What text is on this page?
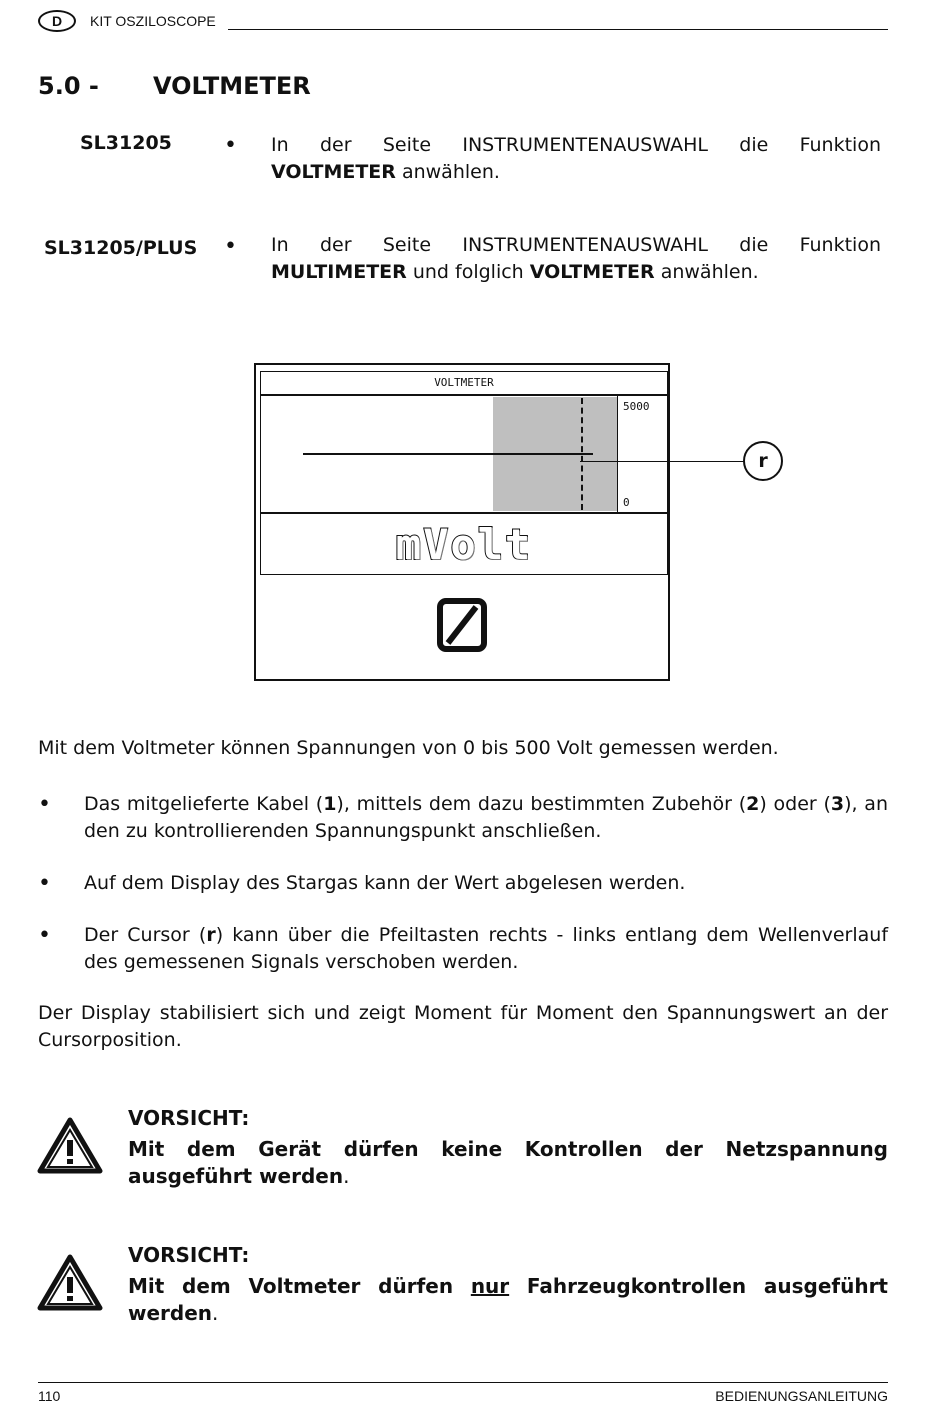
D	KIT OSZILOSCOPE
5.0 - VOLTMETER
SL31205 • In der Seite INSTRUMENTENAUSWAHL die Funktion VOLTMETER anwählen.
SL31205/PLUS • In der Seite INSTRUMENTENAUSWAHL die Funktion MULTIMETER und folglich VOLTMETER anwählen.
VOLTMETER
5000
0
mVolt
r
Mit dem Voltmeter können Spannungen von 0 bis 500 Volt gemessen werden.
• Das mitgelieferte Kabel (1), mittels dem dazu bestimmten Zubehör (2) oder (3), an den zu kontrollierenden Spannungspunkt anschließen.
• Auf dem Display des Stargas kann der Wert abgelesen werden.
• Der Cursor (r) kann über die Pfeiltasten rechts - links entlang dem Wellenverlauf des gemessenen Signals verschoben werden.
Der Display stabilisiert sich und zeigt Moment für Moment den Spannungswert an der Cursorposition.
VORSICHT:
Mit dem Gerät dürfen keine Kontrollen der Netzspannung ausgeführt werden.
VORSICHT:
Mit dem Voltmeter dürfen nur Fahrzeugkontrollen ausgeführt werden.
110	BEDIENUNGSANLEITUNG
